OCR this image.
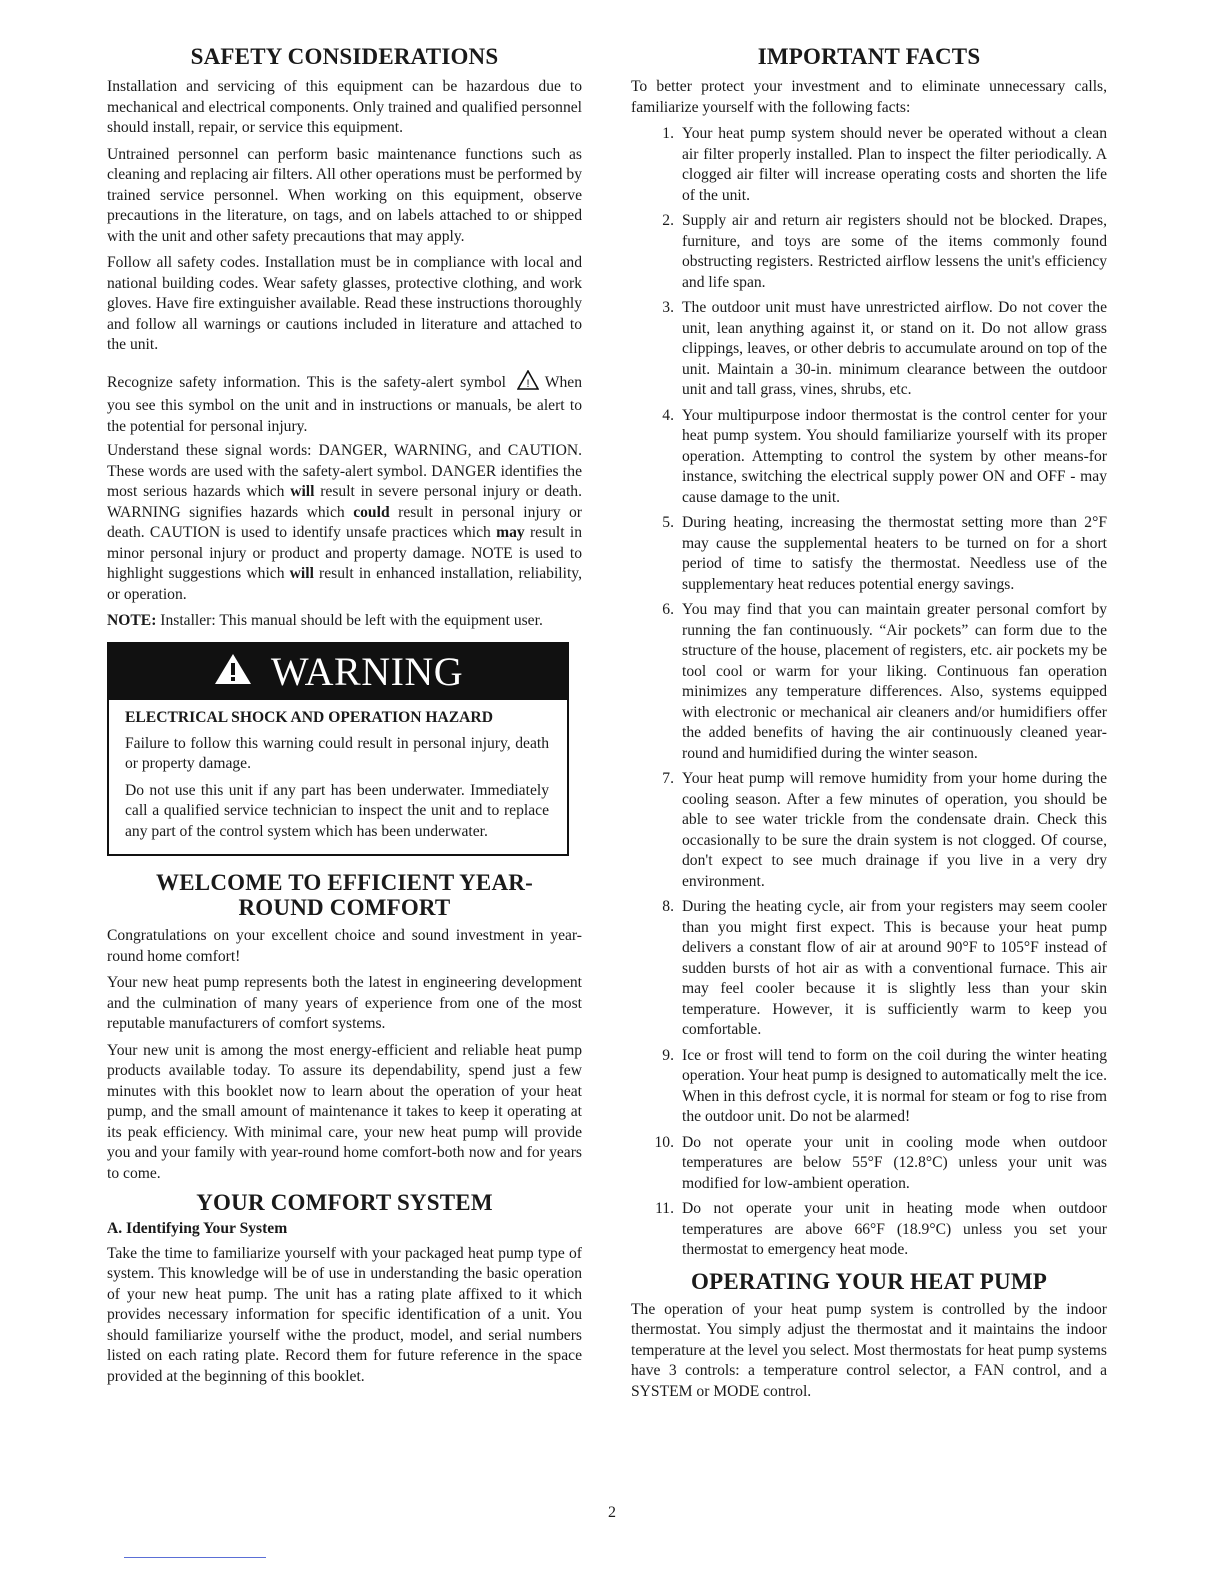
SAFETY CONSIDERATIONS

Installation and servicing of this equipment can be hazardous due to mechanical and electrical components. Only trained and qualified personnel should install, repair, or service this equipment.

Untrained personnel can perform basic maintenance functions such as cleaning and replacing air filters. All other operations must be performed by trained service personnel. When working on this equipment, observe precautions in the literature, on tags, and on labels attached to or shipped with the unit and other safety precautions that may apply.

Follow all safety codes. Installation must be in compliance with local and national building codes. Wear safety glasses, protective clothing, and work gloves. Have fire extinguisher available. Read these instructions thoroughly and follow all warnings or cautions included in literature and attached to the unit.

Recognize safety information. This is the safety-alert symbol ! When you see this symbol on the unit and in instructions or manuals, be alert to the potential for personal injury.

Understand these signal words: DANGER, WARNING, and CAUTION. These words are used with the safety-alert symbol. DANGER identifies the most serious hazards which will result in severe personal injury or death. WARNING signifies hazards which could result in personal injury or death. CAUTION is used to identify unsafe practices which may result in minor personal injury or product and property damage. NOTE is used to highlight suggestions which will result in enhanced installation, reliability, or operation.

NOTE: Installer: This manual should be left with the equipment user.

WARNING
ELECTRICAL SHOCK AND OPERATION HAZARD

Failure to follow this warning could result in personal injury, death or property damage.

Do not use this unit if any part has been underwater. Immediately call a qualified service technician to inspect the unit and to replace any part of the control system which has been underwater.

WELCOME TO EFFICIENT YEAR-
ROUND COMFORT

Congratulations on your excellent choice and sound investment in year-round home comfort!

Your new heat pump represents both the latest in engineering development and the culmination of many years of experience from one of the most reputable manufacturers of comfort systems.

Your new unit is among the most energy-efficient and reliable heat pump products available today. To assure its dependability, spend just a few minutes with this booklet now to learn about the operation of your heat pump, and the small amount of maintenance it takes to keep it operating at its peak efficiency. With minimal care, your new heat pump will provide you and your family with year-round home comfort-both now and for years to come.

YOUR COMFORT SYSTEM
A. Identifying Your System

Take the time to familiarize yourself with your packaged heat pump type of system. This knowledge will be of use in understanding the basic operation of your new heat pump. The unit has a rating plate affixed to it which provides necessary information for specific identification of a unit. You should familiarize yourself withe the product, model, and serial numbers listed on each rating plate. Record them for future reference in the space provided at the beginning of this booklet.

IMPORTANT FACTS

To better protect your investment and to eliminate unnecessary calls, familiarize yourself with the following facts:

1. Your heat pump system should never be operated without a clean air filter properly installed. Plan to inspect the filter periodically. A clogged air filter will increase operating costs and shorten the life of the unit.
2. Supply air and return air registers should not be blocked. Drapes, furniture, and toys are some of the items commonly found obstructing registers. Restricted airflow lessens the unit's efficiency and life span.
3. The outdoor unit must have unrestricted airflow. Do not cover the unit, lean anything against it, or stand on it. Do not allow grass clippings, leaves, or other debris to accumulate around on top of the unit. Maintain a 30-in. minimum clearance between the outdoor unit and tall grass, vines, shrubs, etc.
4. Your multipurpose indoor thermostat is the control center for your heat pump system. You should familiarize yourself with its proper operation. Attempting to control the system by other means-for instance, switching the electrical supply power ON and OFF - may cause damage to the unit.
5. During heating, increasing the thermostat setting more than 2°F may cause the supplemental heaters to be turned on for a short period of time to satisfy the thermostat. Needless use of the supplementary heat reduces potential energy savings.
6. You may find that you can maintain greater personal comfort by running the fan continuously. “Air pockets” can form due to the structure of the house, placement of registers, etc. air pockets my be tool cool or warm for your liking. Continuous fan operation minimizes any temperature differences. Also, systems equipped with electronic or mechanical air cleaners and/or humidifiers offer the added benefits of having the air continuously cleaned year-round and humidified during the winter season.
7. Your heat pump will remove humidity from your home during the cooling season. After a few minutes of operation, you should be able to see water trickle from the condensate drain. Check this occasionally to be sure the drain system is not clogged. Of course, don't expect to see much drainage if you live in a very dry environment.
8. During the heating cycle, air from your registers may seem cooler than you might first expect. This is because your heat pump delivers a constant flow of air at around 90°F to 105°F instead of sudden bursts of hot air as with a conventional furnace. This air may feel cooler because it is slightly less than your skin temperature. However, it is sufficiently warm to keep you comfortable.
9. Ice or frost will tend to form on the coil during the winter heating operation. Your heat pump is designed to automatically melt the ice. When in this defrost cycle, it is normal for steam or fog to rise from the outdoor unit. Do not be alarmed!
10. Do not operate your unit in cooling mode when outdoor temperatures are below 55°F (12.8°C) unless your unit was modified for low-ambient operation.
11. Do not operate your unit in heating mode when outdoor temperatures are above 66°F (18.9°C) unless you set your thermostat to emergency heat mode.
OPERATING YOUR HEAT PUMP

The operation of your heat pump system is controlled by the indoor thermostat. You simply adjust the thermostat and it maintains the indoor temperature at the level you select. Most thermostats for heat pump systems have 3 controls: a temperature control selector, a FAN control, and a SYSTEM or MODE control.

2
